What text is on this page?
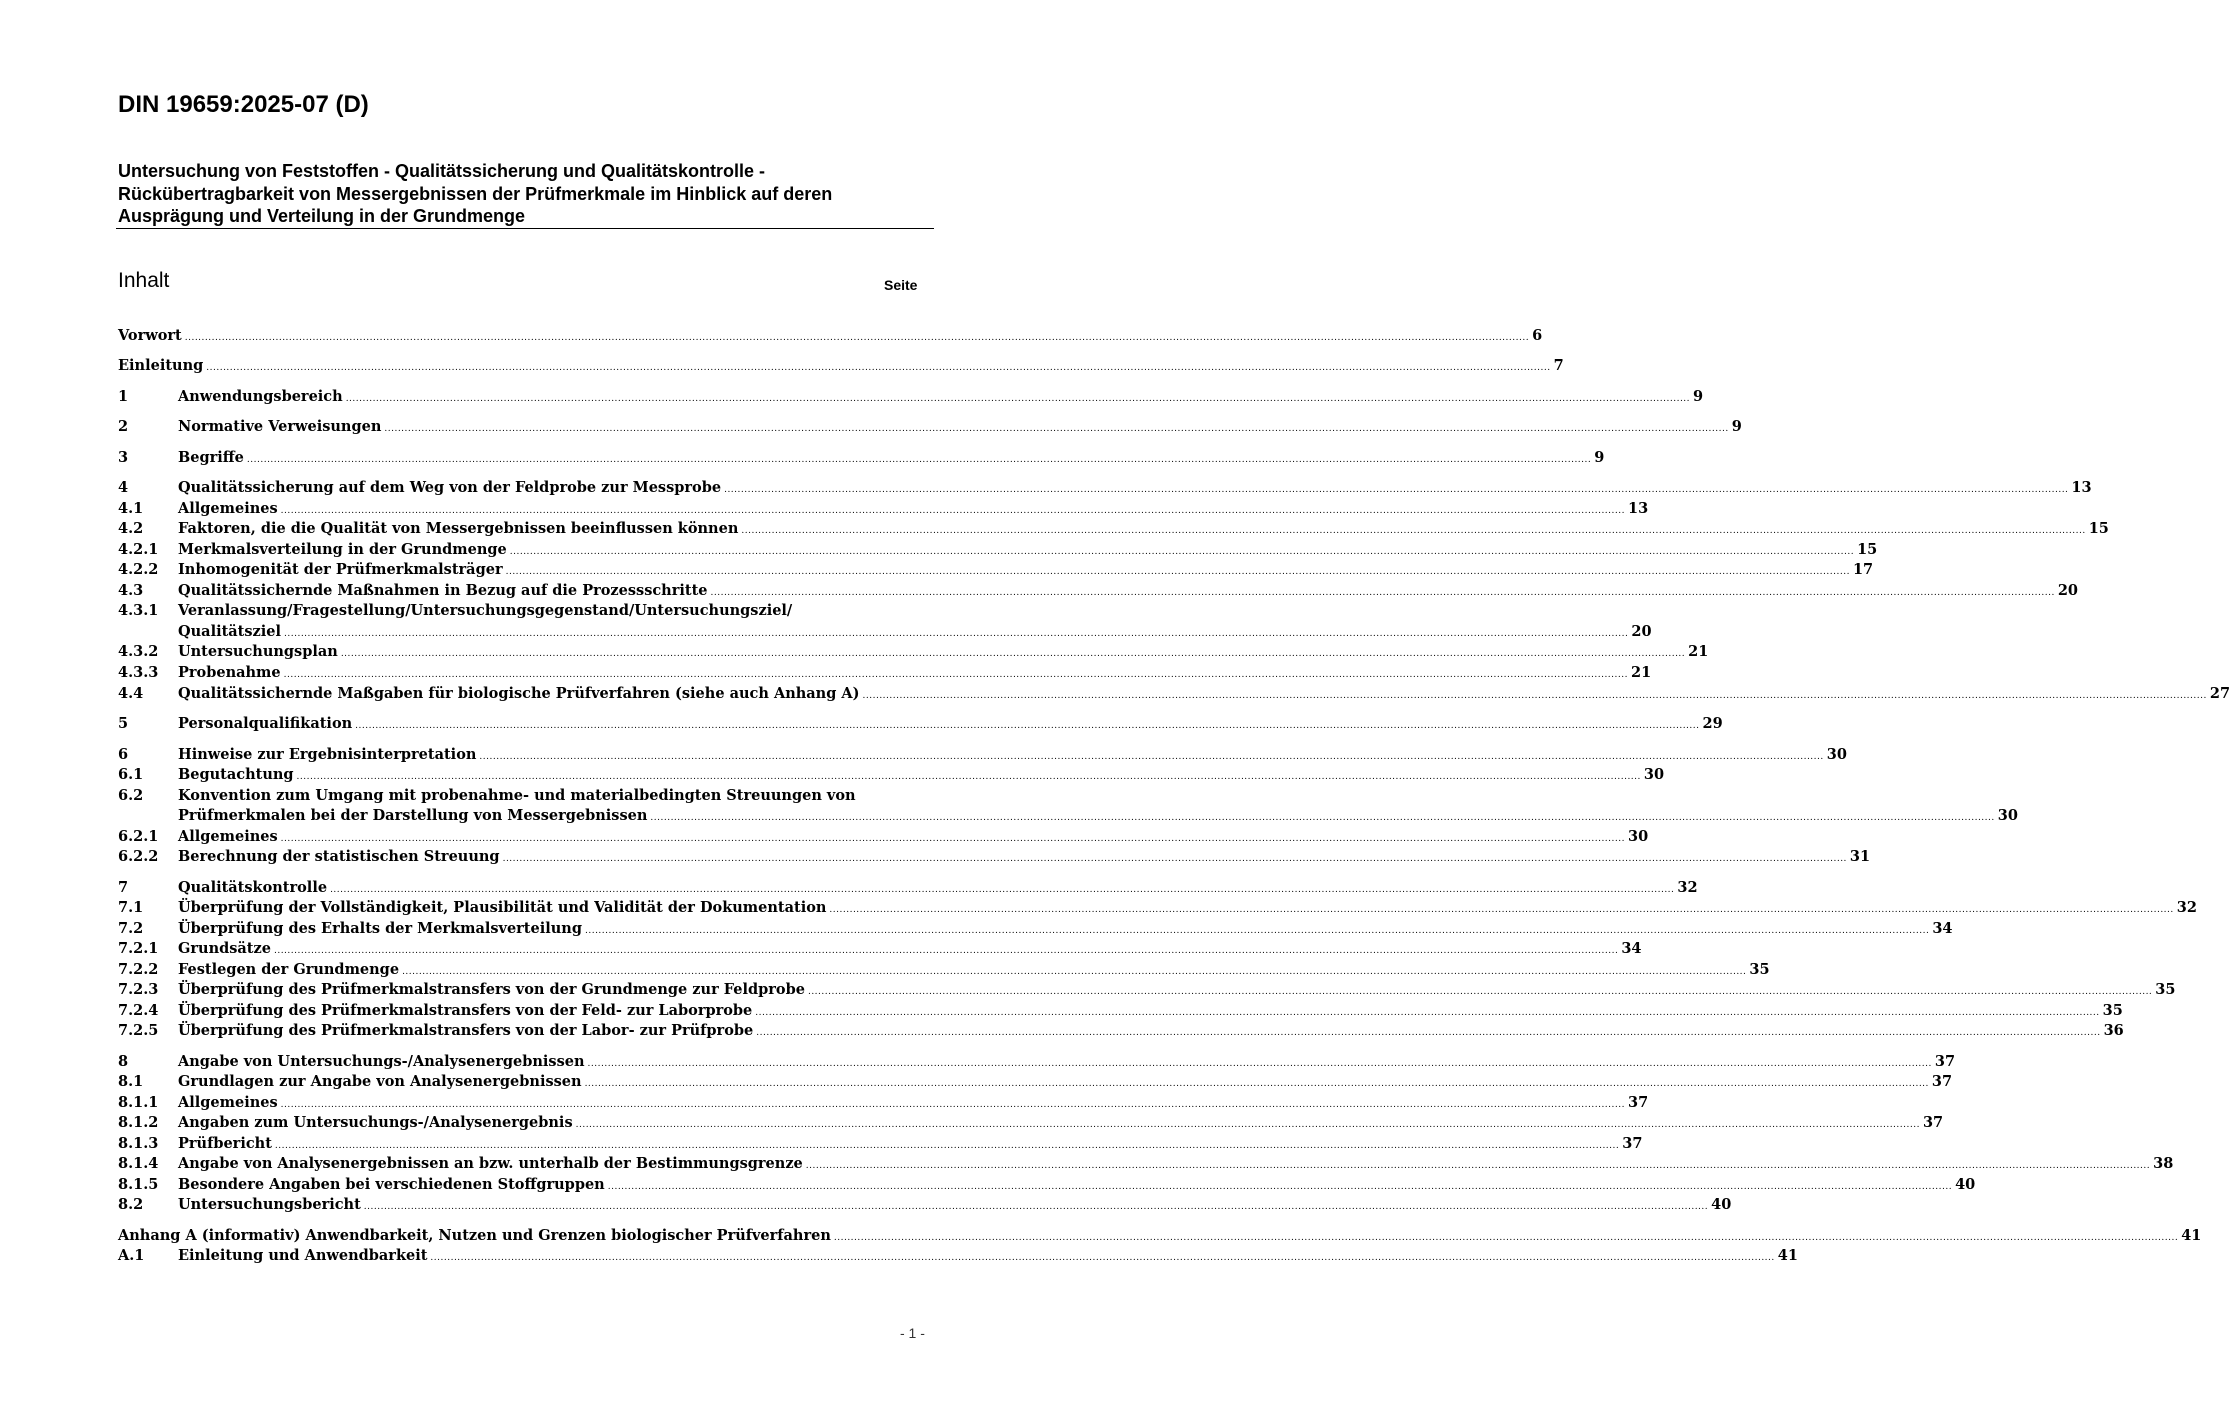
DIN 19659:2025-07 (D)
Untersuchung von Feststoffen - Qualitätssicherung und Qualitätskontrolle -
Rückübertragbarkeit von Messergebnissen der Prüfmerkmale im Hinblick auf deren
Ausprägung und Verteilung in der Grundmenge
Inhalt	Seite
Vorwort ................................................................................................................................................................................................................................................................................................................................................................................................................ 6
Einleitung ................................................................................................................................................................................................................................................................................................................................................................................................................ 7
1	Anwendungsbereich ................................................................................................................................................................................................................................................................................................................................................................................................................ 9
2	Normative Verweisungen ................................................................................................................................................................................................................................................................................................................................................................................................................ 9
3	Begriffe ................................................................................................................................................................................................................................................................................................................................................................................................................ 9
4	Qualitätssicherung auf dem Weg von der Feldprobe zur Messprobe ................................................................................................................................................................................................................................................................................................................................................................................................................ 13
4.1 Allgemeines ................................................................................................................................................................................................................................................................................................................................................................................................................ 13
4.2 Faktoren, die die Qualität von Messergebnissen beeinflussen können ................................................................................................................................................................................................................................................................................................................................................................................................................ 15
4.2.1 Merkmalsverteilung in der Grundmenge ................................................................................................................................................................................................................................................................................................................................................................................................................ 15
4.2.2 Inhomogenität der Prüfmerkmalsträger ................................................................................................................................................................................................................................................................................................................................................................................................................ 17
4.3 Qualitätssichernde Maßnahmen in Bezug auf die Prozessschritte ................................................................................................................................................................................................................................................................................................................................................................................................................ 20
4.3.1 Veranlassung/Fragestellung/Untersuchungsgegenstand/Untersuchungsziel/
Qualitätsziel ................................................................................................................................................................................................................................................................................................................................................................................................................ 20
4.3.2 Untersuchungsplan ................................................................................................................................................................................................................................................................................................................................................................................................................ 21
4.3.3 Probenahme ................................................................................................................................................................................................................................................................................................................................................................................................................ 21
4.4 Qualitätssichernde Maßgaben für biologische Prüfverfahren (siehe auch Anhang A) ................................................................................................................................................................................................................................................................................................................................................................................................................ 27
5	Personalqualifikation ................................................................................................................................................................................................................................................................................................................................................................................................................ 29
6	Hinweise zur Ergebnisinterpretation ................................................................................................................................................................................................................................................................................................................................................................................................................ 30
6.1 Begutachtung ................................................................................................................................................................................................................................................................................................................................................................................................................ 30
6.2 Konvention zum Umgang mit probenahme- und materialbedingten Streuungen von
Prüfmerkmalen bei der Darstellung von Messergebnissen ................................................................................................................................................................................................................................................................................................................................................................................................................ 30
6.2.1 Allgemeines ................................................................................................................................................................................................................................................................................................................................................................................................................ 30
6.2.2 Berechnung der statistischen Streuung ................................................................................................................................................................................................................................................................................................................................................................................................................ 31
7	Qualitätskontrolle ................................................................................................................................................................................................................................................................................................................................................................................................................ 32
7.1 Überprüfung der Vollständigkeit, Plausibilität und Validität der Dokumentation ................................................................................................................................................................................................................................................................................................................................................................................................................ 32
7.2 Überprüfung des Erhalts der Merkmalsverteilung ................................................................................................................................................................................................................................................................................................................................................................................................................ 34
7.2.1 Grundsätze ................................................................................................................................................................................................................................................................................................................................................................................................................ 34
7.2.2 Festlegen der Grundmenge ................................................................................................................................................................................................................................................................................................................................................................................................................ 35
7.2.3 Überprüfung des Prüfmerkmalstransfers von der Grundmenge zur Feldprobe ................................................................................................................................................................................................................................................................................................................................................................................................................ 35
7.2.4 Überprüfung des Prüfmerkmalstransfers von der Feld- zur Laborprobe ................................................................................................................................................................................................................................................................................................................................................................................................................ 35
7.2.5 Überprüfung des Prüfmerkmalstransfers von der Labor- zur Prüfprobe ................................................................................................................................................................................................................................................................................................................................................................................................................ 36
8	Angabe von Untersuchungs-/Analysenergebnissen ................................................................................................................................................................................................................................................................................................................................................................................................................ 37
8.1 Grundlagen zur Angabe von Analysenergebnissen ................................................................................................................................................................................................................................................................................................................................................................................................................ 37
8.1.1 Allgemeines ................................................................................................................................................................................................................................................................................................................................................................................................................ 37
8.1.2 Angaben zum Untersuchungs-/Analysenergebnis ................................................................................................................................................................................................................................................................................................................................................................................................................ 37
8.1.3 Prüfbericht ................................................................................................................................................................................................................................................................................................................................................................................................................ 37
8.1.4 Angabe von Analysenergebnissen an bzw. unterhalb der Bestimmungsgrenze ................................................................................................................................................................................................................................................................................................................................................................................................................ 38
8.1.5 Besondere Angaben bei verschiedenen Stoffgruppen ................................................................................................................................................................................................................................................................................................................................................................................................................ 40
8.2 Untersuchungsbericht ................................................................................................................................................................................................................................................................................................................................................................................................................ 40
Anhang A (informativ) Anwendbarkeit, Nutzen und Grenzen biologischer Prüfverfahren ................................................................................................................................................................................................................................................................................................................................................................................................................ 41
A.1 Einleitung und Anwendbarkeit ................................................................................................................................................................................................................................................................................................................................................................................................................ 41
- 1 -
